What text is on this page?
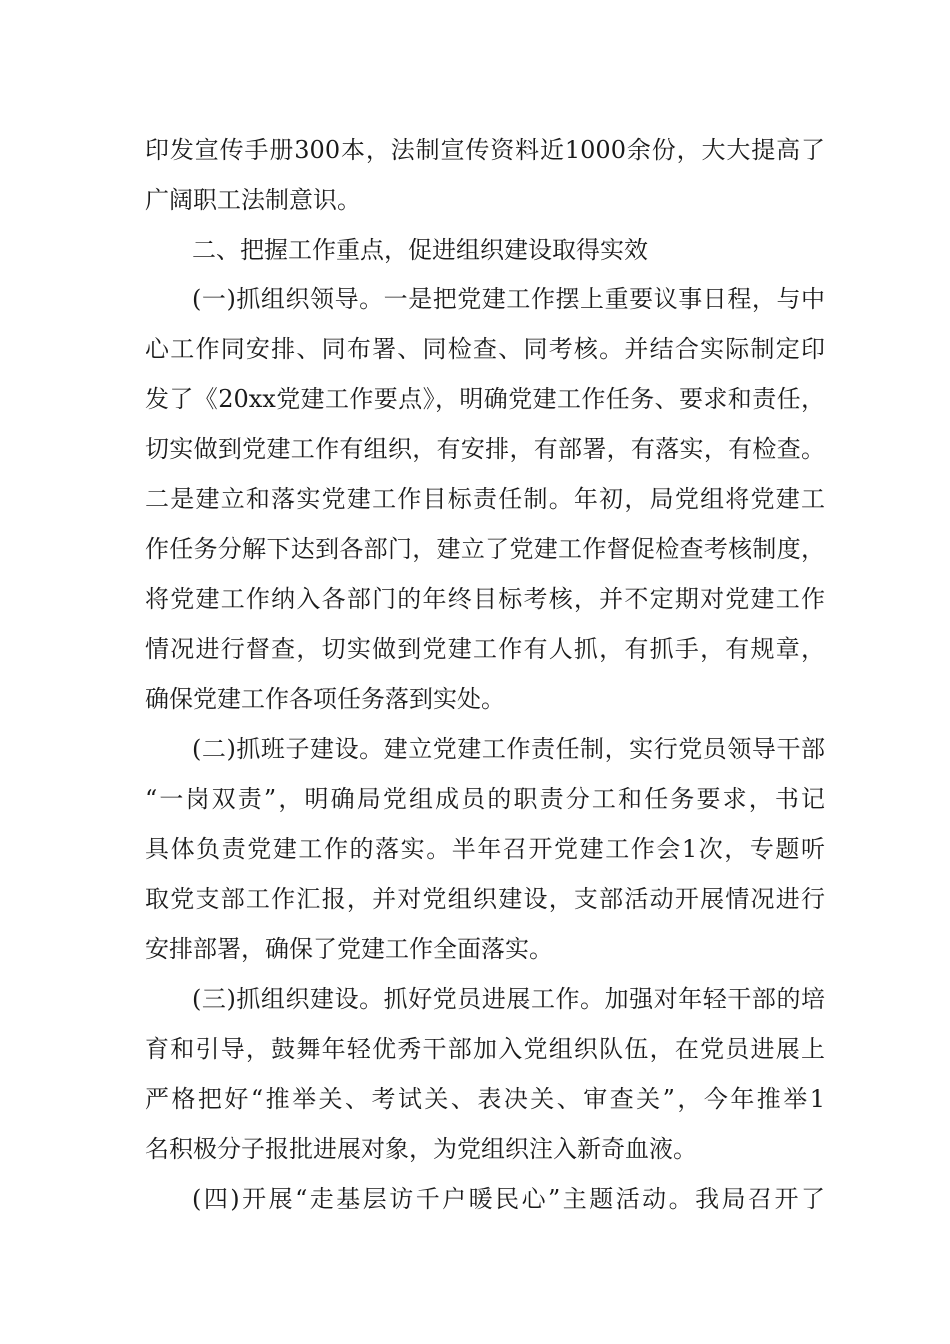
印发宣传手册300本，法制宣传资料近1000余份，大大提高了
广阔职工法制意识。
二、把握工作重点，促进组织建设取得实效
(一)抓组织领导。一是把党建工作摆上重要议事日程，与中
心工作同安排、同布署、同检查、同考核。并结合实际制定印
发了《20xx党建工作要点》，明确党建工作任务、要求和责任，
切实做到党建工作有组织，有安排，有部署，有落实，有检查。
二是建立和落实党建工作目标责任制。年初，局党组将党建工
作任务分解下达到各部门，建立了党建工作督促检查考核制度，
将党建工作纳入各部门的年终目标考核，并不定期对党建工作
情况进行督查，切实做到党建工作有人抓，有抓手，有规章，
确保党建工作各项任务落到实处。
(二)抓班子建设。建立党建工作责任制，实行党员领导干部
“一岗双责”，明确局党组成员的职责分工和任务要求，书记
具体负责党建工作的落实。半年召开党建工作会1次，专题听
取党支部工作汇报，并对党组织建设，支部活动开展情况进行
安排部署，确保了党建工作全面落实。
(三)抓组织建设。抓好党员进展工作。加强对年轻干部的培
育和引导，鼓舞年轻优秀干部加入党组织队伍，在党员进展上
严格把好“推举关、考试关、表决关、审查关”，今年推举1
名积极分子报批进展对象，为党组织注入新奇血液。
(四)开展“走基层访千户暖民心”主题活动。我局召开了
